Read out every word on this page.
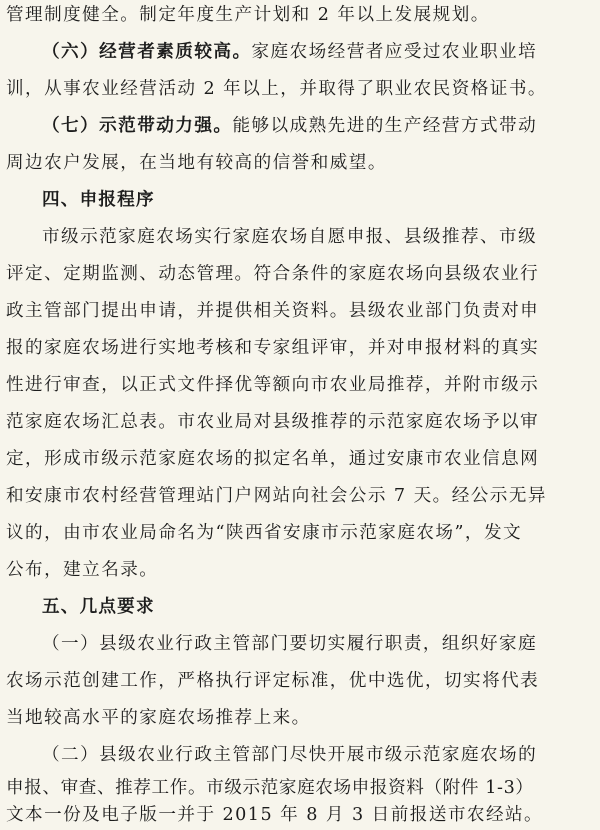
管理制度健全。制定年度生产计划和 2 年以上发展规划。
（六）经营者素质较高。家庭农场经营者应受过农业职业培
训，从事农业经营活动 2 年以上，并取得了职业农民资格证书。
（七）示范带动力强。能够以成熟先进的生产经营方式带动
周边农户发展，在当地有较高的信誉和威望。
四、申报程序
市级示范家庭农场实行家庭农场自愿申报、县级推荐、市级
评定、定期监测、动态管理。符合条件的家庭农场向县级农业行
政主管部门提出申请，并提供相关资料。县级农业部门负责对申
报的家庭农场进行实地考核和专家组评审，并对申报材料的真实
性进行审查，以正式文件择优等额向市农业局推荐，并附市级示
范家庭农场汇总表。市农业局对县级推荐的示范家庭农场予以审
定，形成市级示范家庭农场的拟定名单，通过安康市农业信息网
和安康市农村经营管理站门户网站向社会公示 7 天。经公示无异
议的，由市农业局命名为“陕西省安康市示范家庭农场”，发文
公布，建立名录。
五、几点要求
（一）县级农业行政主管部门要切实履行职责，组织好家庭
农场示范创建工作，严格执行评定标准，优中选优，切实将代表
当地较高水平的家庭农场推荐上来。
（二）县级农业行政主管部门尽快开展市级示范家庭农场的
申报、审查、推荐工作。市级示范家庭农场申报资料（附件 1-3）
文本一份及电子版一并于 2015 年 8 月 3 日前报送市农经站。
